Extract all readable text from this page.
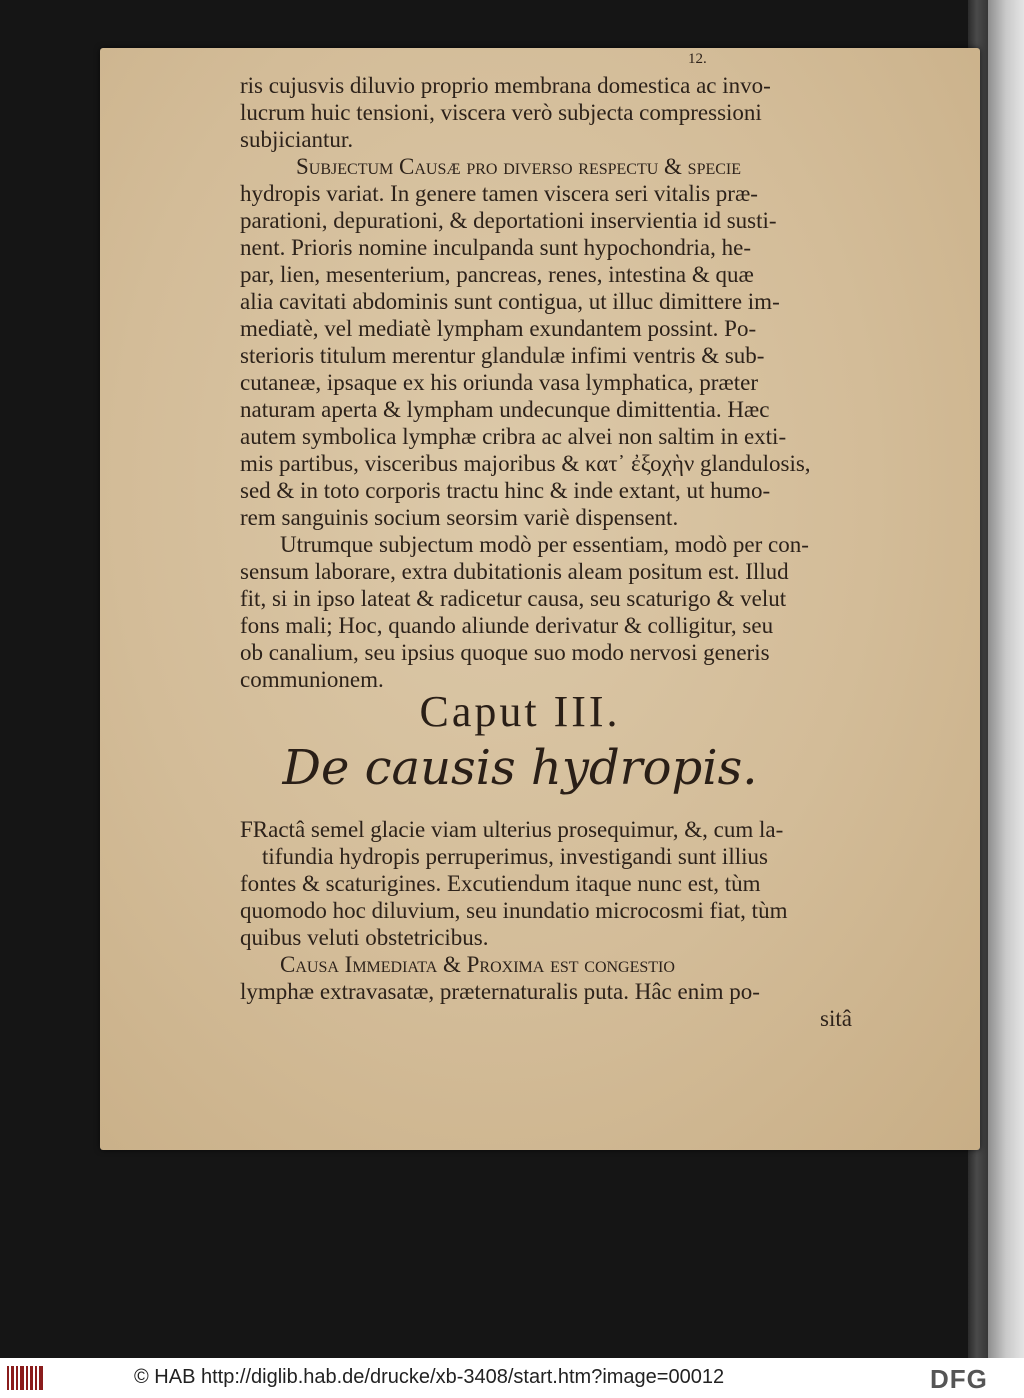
12.
ris cujusvis diluvio proprio membrana domestica ac invo-
lucrum huic tensioni, viscera verò subjecta compressioni
subjiciantur.
Subjectum Causæ pro diverso respectu & specie
hydropis variat. In genere tamen viscera seri vitalis præ-
parationi, depurationi, & deportationi inservientia id susti-
nent. Prioris nomine inculpanda sunt hypochondria, he-
par, lien, mesenterium, pancreas, renes, intestina & quæ
alia cavitati abdominis sunt contigua, ut illuc dimittere im-
mediatè, vel mediatè lympham exundantem possint. Po-
sterioris titulum merentur glandulæ infimi ventris & sub-
cutaneæ, ipsaque ex his oriunda vasa lymphatica, præter
naturam aperta & lympham undecunque dimittentia. Hæc
autem symbolica lymphæ cribra ac alvei non saltim in exti-
mis partibus, visceribus majoribus & κατ᾽ ἐξοχὴν glandulosis,
sed & in toto corporis tractu hinc & inde extant, ut humo-
rem sanguinis socium seorsim variè dispensent.
Utrumque subjectum modò per essentiam, modò per con-
sensum laborare, extra dubitationis aleam positum est. Illud
fit, si in ipso lateat & radicetur causa, seu scaturigo & velut
fons mali; Hoc, quando aliunde derivatur & colligitur, seu
ob canalium, seu ipsius quoque suo modo nervosi generis
communionem.
Caput III.
De causis hydropis.
FRactâ semel glacie viam ulterius prosequimur, &, cum la-
tifundia hydropis perruperimus, investigandi sunt illius
fontes & scaturigines. Excutiendum itaque nunc est, tùm
quomodo hoc diluvium, seu inundatio microcosmi fiat, tùm
quibus veluti obstetricibus.
Causa Immediata & Proxima est congestio
lymphæ extravasatæ, præternaturalis puta. Hâc enim po-
sitâ
© HAB http://diglib.hab.de/drucke/xb-3408/start.htm?image=00012	DFG
